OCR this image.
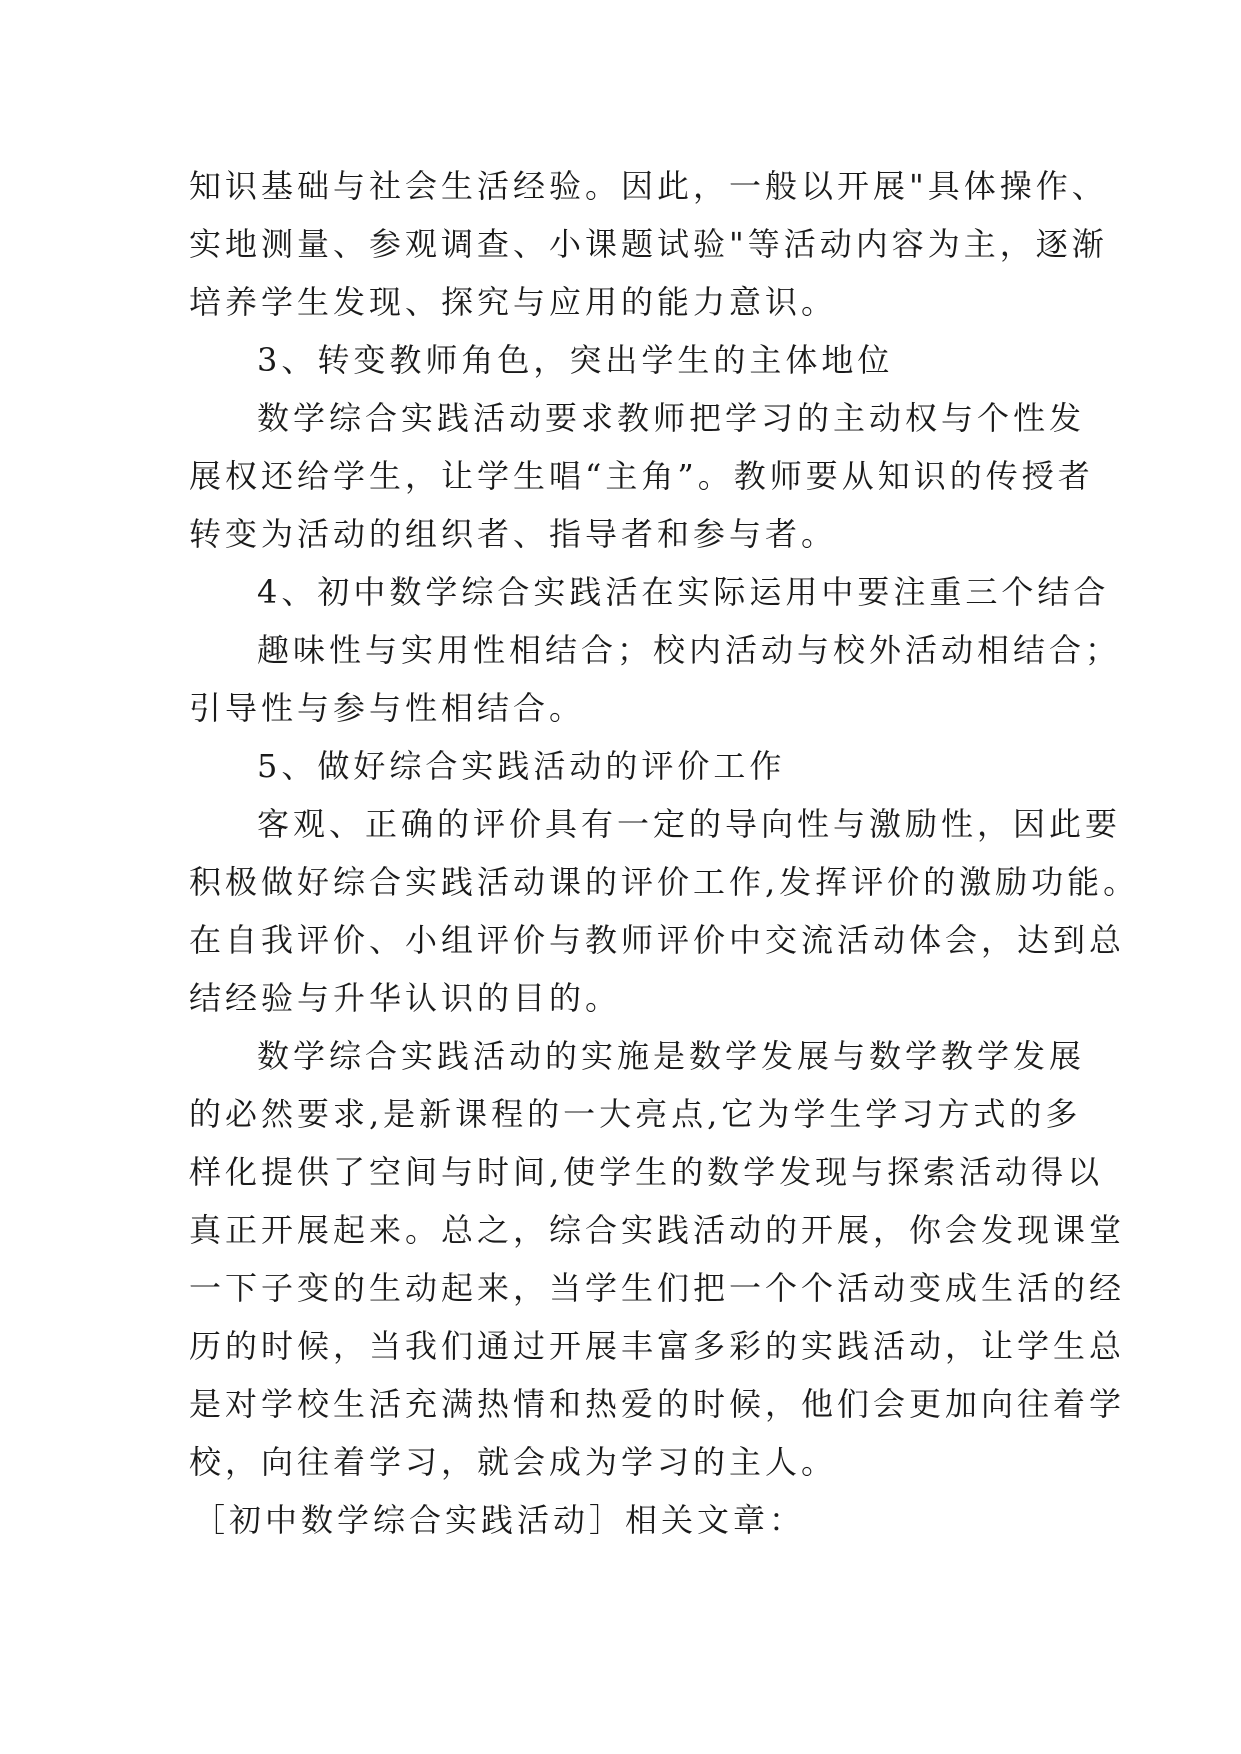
知识基础与社会生活经验。因此，一般以开展"具体操作、
实地测量、参观调查、小课题试验"等活动内容为主，逐渐
培养学生发现、探究与应用的能力意识。
3、转变教师角色，突出学生的主体地位
数学综合实践活动要求教师把学习的主动权与个性发
展权还给学生，让学生唱“主角”。教师要从知识的传授者
转变为活动的组织者、指导者和参与者。
4、初中数学综合实践活在实际运用中要注重三个结合
趣味性与实用性相结合；校内活动与校外活动相结合；
引导性与参与性相结合。
5、做好综合实践活动的评价工作
客观、正确的评价具有一定的导向性与激励性，因此要
积极做好综合实践活动课的评价工作,发挥评价的激励功能。
在自我评价、小组评价与教师评价中交流活动体会，达到总
结经验与升华认识的目的。
数学综合实践活动的实施是数学发展与数学教学发展
的必然要求,是新课程的一大亮点,它为学生学习方式的多
样化提供了空间与时间,使学生的数学发现与探索活动得以
真正开展起来。总之，综合实践活动的开展，你会发现课堂
一下子变的生动起来，当学生们把一个个活动变成生活的经
历的时候，当我们通过开展丰富多彩的实践活动，让学生总
是对学校生活充满热情和热爱的时候，他们会更加向往着学
校，向往着学习，就会成为学习的主人。
［初中数学综合实践活动］相关文章：
